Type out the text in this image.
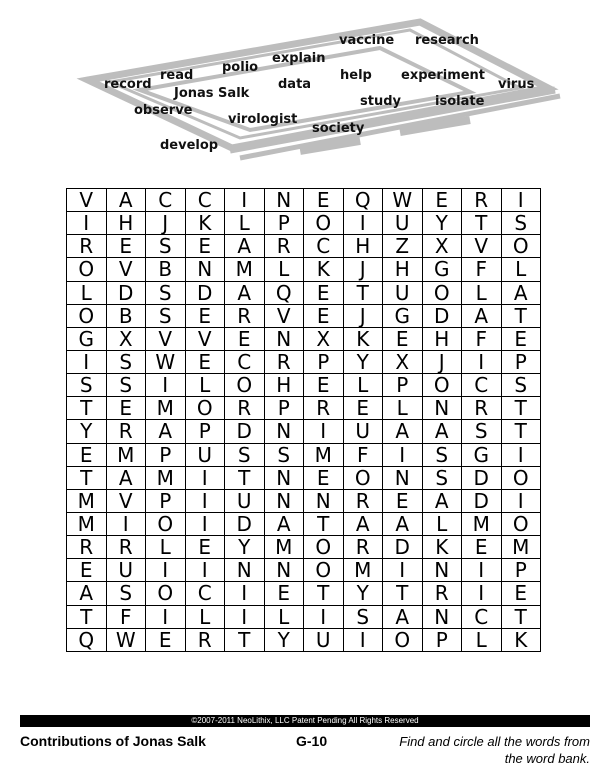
vaccine research
explain
polio
read
record
help experiment
virus
data
Jonas Salk
study	isolate
observe
virologist
society
develop
V	A	C	C	I	N	E	Q	W	E	R	I
I	H	J	K	L	P	O	I	U	Y	T	S
R	E	S	E	A	R	C	H	Z	X	V	O
O	V	B	N	M	L	K	J	H	G	F	L
L	D	S	D	A	Q	E	T	U	O	L	A
O	B	S	E	R	V	E	J	G	D	A	T
G	X	V	V	E	N	X	K	E	H	F	E
I	S	W	E	C	R	P	Y	X	J	I	P
S	S	I	L	O	H	E	L	P	O	C	S
T	E	M	O	R	P	R	E	L	N	R	T
Y	R	A	P	D	N	I	U	A	A	S	T
E	M	P	U	S	S	M	F	I	S	G	I
T	A	M	I	T	N	E	O	N	S	D	O
M	V	P	I	U	N	N	R	E	A	D	I
M	I	O	I	D	A	T	A	A	L	M	O
R	R	L	E	Y	M	O	R	D	K	E	M
E	U	I	I	N	N	O	M	I	N	I	P
A	S	O	C	I	E	T	Y	T	R	I	E
T	F	I	L	I	L	I	S	A	N	C	T
Q	W	E	R	T	Y	U	I	O	P	L	K
©2007-2011 NeoLithix, LLC Patent Pending All Rights Reserved
Contributions of Jonas Salk	G-10	Find and circle all the words from the word bank.
